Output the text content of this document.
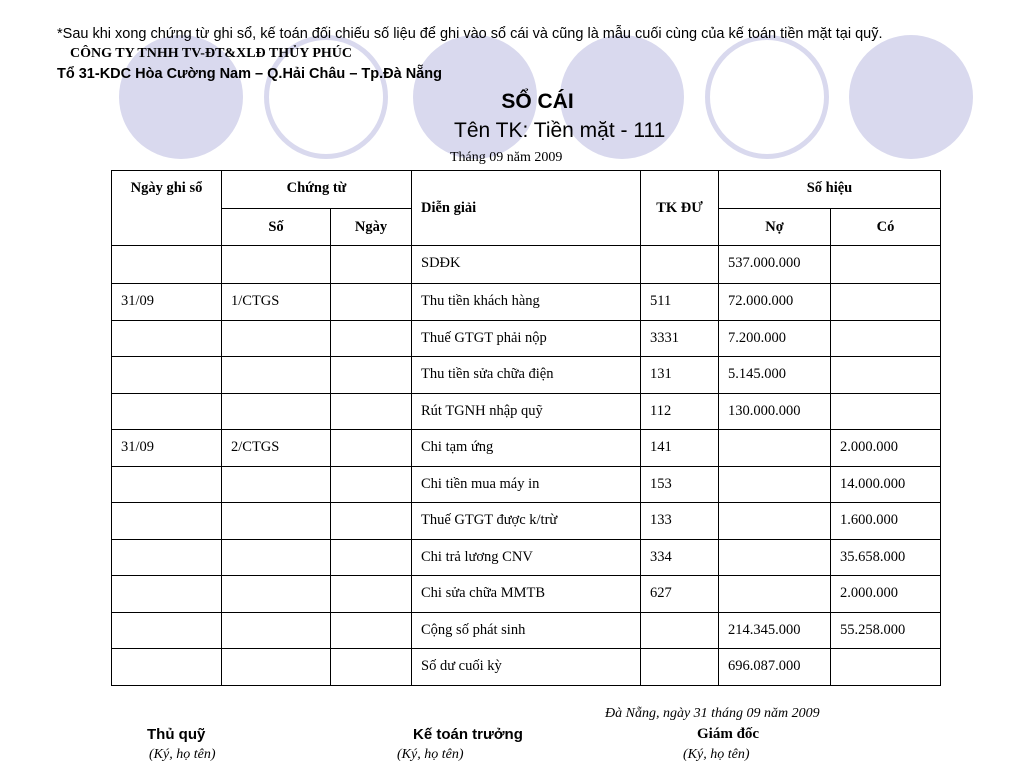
*Sau khi xong chứng từ ghi sổ, kế toán đối chiếu số liệu để ghi vào sổ cái và cũng là mẫu cuối cùng của kế toán tiền mặt tại quỹ.
CÔNG TY TNHH TV-ĐT&XLĐ THỦY PHÚC
Tổ 31-KDC Hòa Cường Nam – Q.Hải Châu – Tp.Đà Nẵng
SỔ CÁI
Tên TK: Tiền mặt - 111
Tháng 09 năm 2009
Ngày ghi sổ	Chứng từ		Diễn giải	TK ĐƯ	Số hiệu	
	Số	Ngày			Nợ	Có
			SDĐK		537.000.000	
31/09	1/CTGS		Thu tiền khách hàng	511	72.000.000	
			Thuế GTGT phải nộp	3331	7.200.000	
			Thu tiền sửa chữa điện	131	5.145.000	
			Rút TGNH nhập quỹ	112	130.000.000	
31/09	2/CTGS		Chi tạm ứng	141		2.000.000
			Chi tiền mua máy in	153		14.000.000
			Thuế GTGT được k/trừ	133		1.600.000
			Chi trả lương CNV	334		35.658.000
			Chi sửa chữa MMTB	627		2.000.000
			Cộng số phát sinh		214.345.000	55.258.000
			Số dư cuối kỳ		696.087.000	
Đà Nẵng, ngày 31 tháng 09 năm 2009
Thủ quỹ	Kế toán trưởng	Giám đốc
(Ký, họ tên)	(Ký, họ tên)	(Ký, họ tên)
